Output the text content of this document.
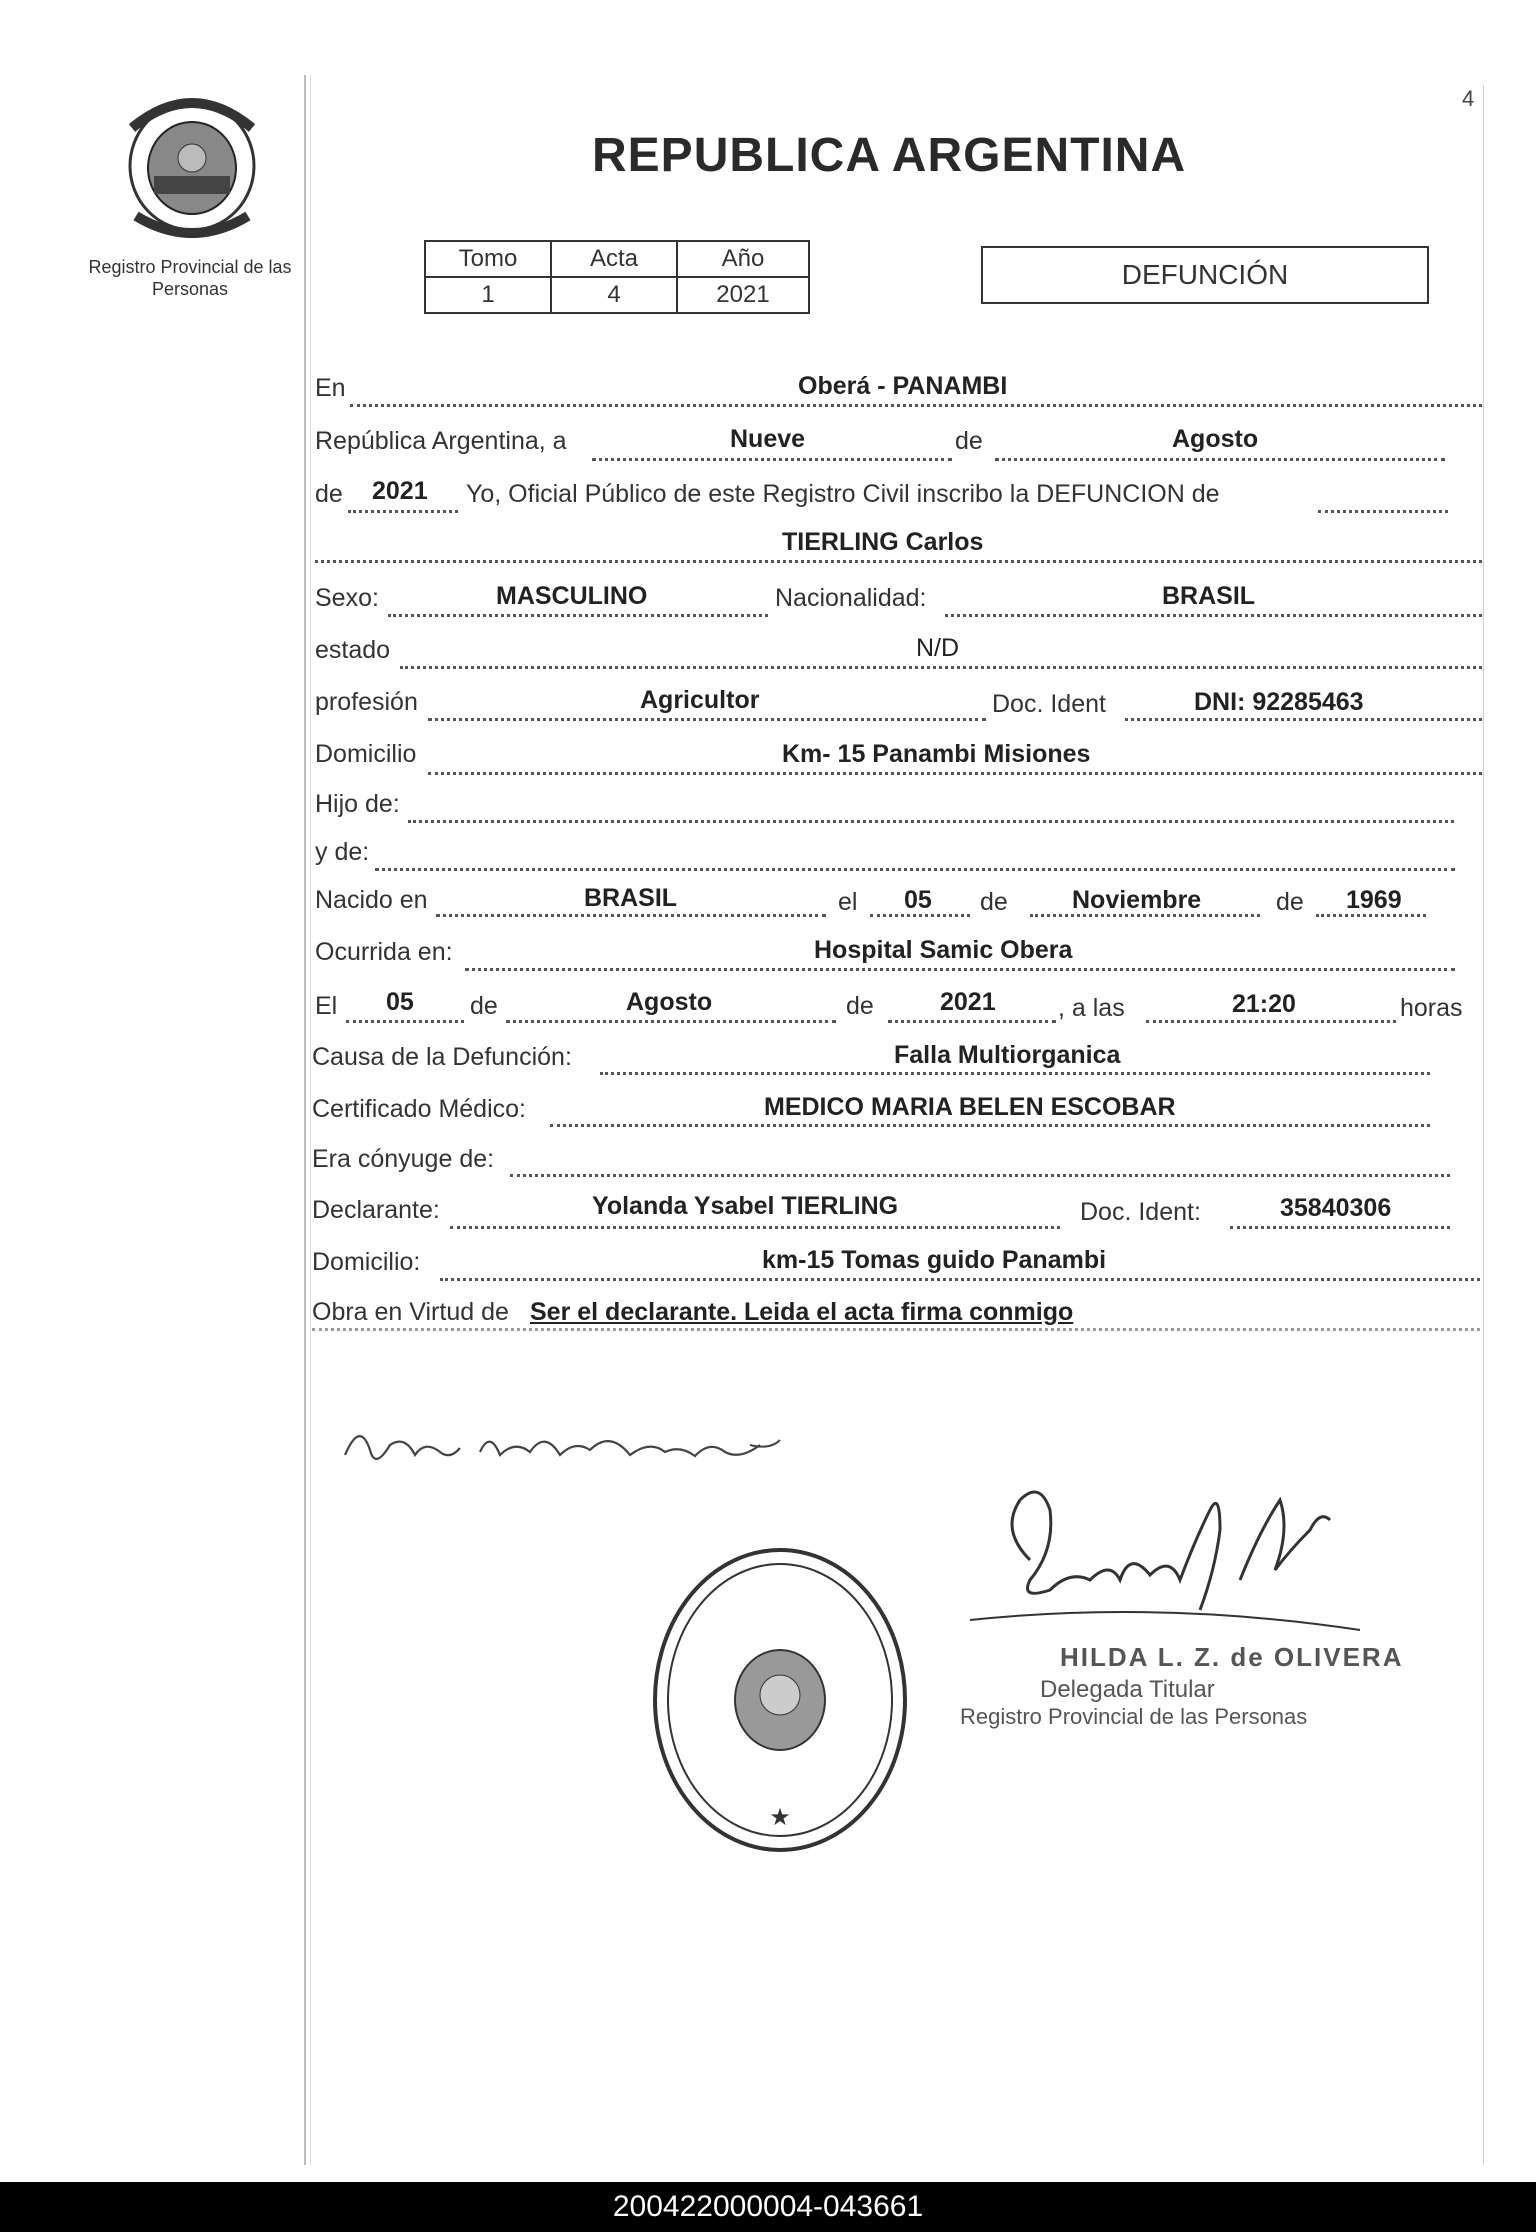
4
Registro Provincial de las Personas
REPUBLICA ARGENTINA
Tomo	Acta	Año
1	4	2021
DEFUNCIÓN
En	Oberá - PANAMBI
República Argentina, a	Nueve	de	Agosto
de 2021 Yo, Oficial Público de este Registro Civil inscribo la DEFUNCION de
TIERLING Carlos
Sexo:	MASCULINO	Nacionalidad:	BRASIL
estado	N/D
profesión	Agricultor	Doc. Ident	DNI: 92285463
Domicilio	Km- 15 Panambi Misiones
Hijo de:
y de:
Nacido en	BRASIL	el 05 de	Noviembre	de 1969
Ocurrida en:	Hospital Samic Obera
El 05 de	Agosto	de	2021 , a las	21:20	horas
Causa de la Defunción:	Falla Multiorganica
Certificado Médico:	MEDICO MARIA BELEN ESCOBAR
Era cónyuge de:
Declarante:	Yolanda Ysabel TIERLING	Doc. Ident:	35840306
Domicilio:	km-15 Tomas guido Panambi
Obra en Virtud de Ser el declarante. Leida el acta firma conmigo
★
HILDA L. Z. de OLIVERA
Delegada Titular
Registro Provincial de las Personas
200422000004-043661
